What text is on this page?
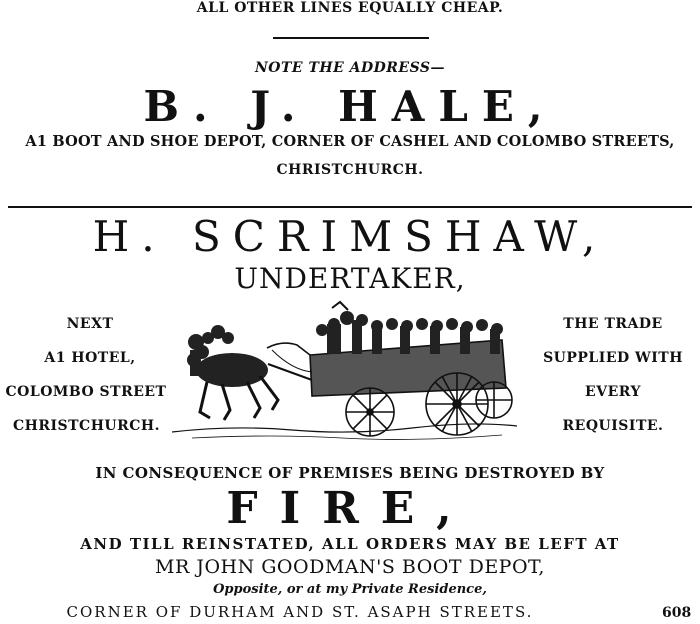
ALL OTHER LINES EQUALLY CHEAP.
NOTE THE ADDRESS—
B. J. HALE,
A1 BOOT AND SHOE DEPOT, CORNER OF CASHEL AND COLOMBO STREETS,
CHRISTCHURCH.
H. SCRIMSHAW,
UNDERTAKER,
NEXT
A1 HOTEL,
COLOMBO STREET
CHRISTCHURCH.
THE TRADE
SUPPLIED WITH
EVERY
REQUISITE.
IN CONSEQUENCE OF PREMISES BEING DESTROYED BY
FIRE,
AND TILL REINSTATED, ALL ORDERS MAY BE LEFT AT
MR JOHN GOODMAN'S BOOT DEPOT,
Opposite, or at my Private Residence,
CORNER OF DURHAM AND ST. ASAPH STREETS.	608
